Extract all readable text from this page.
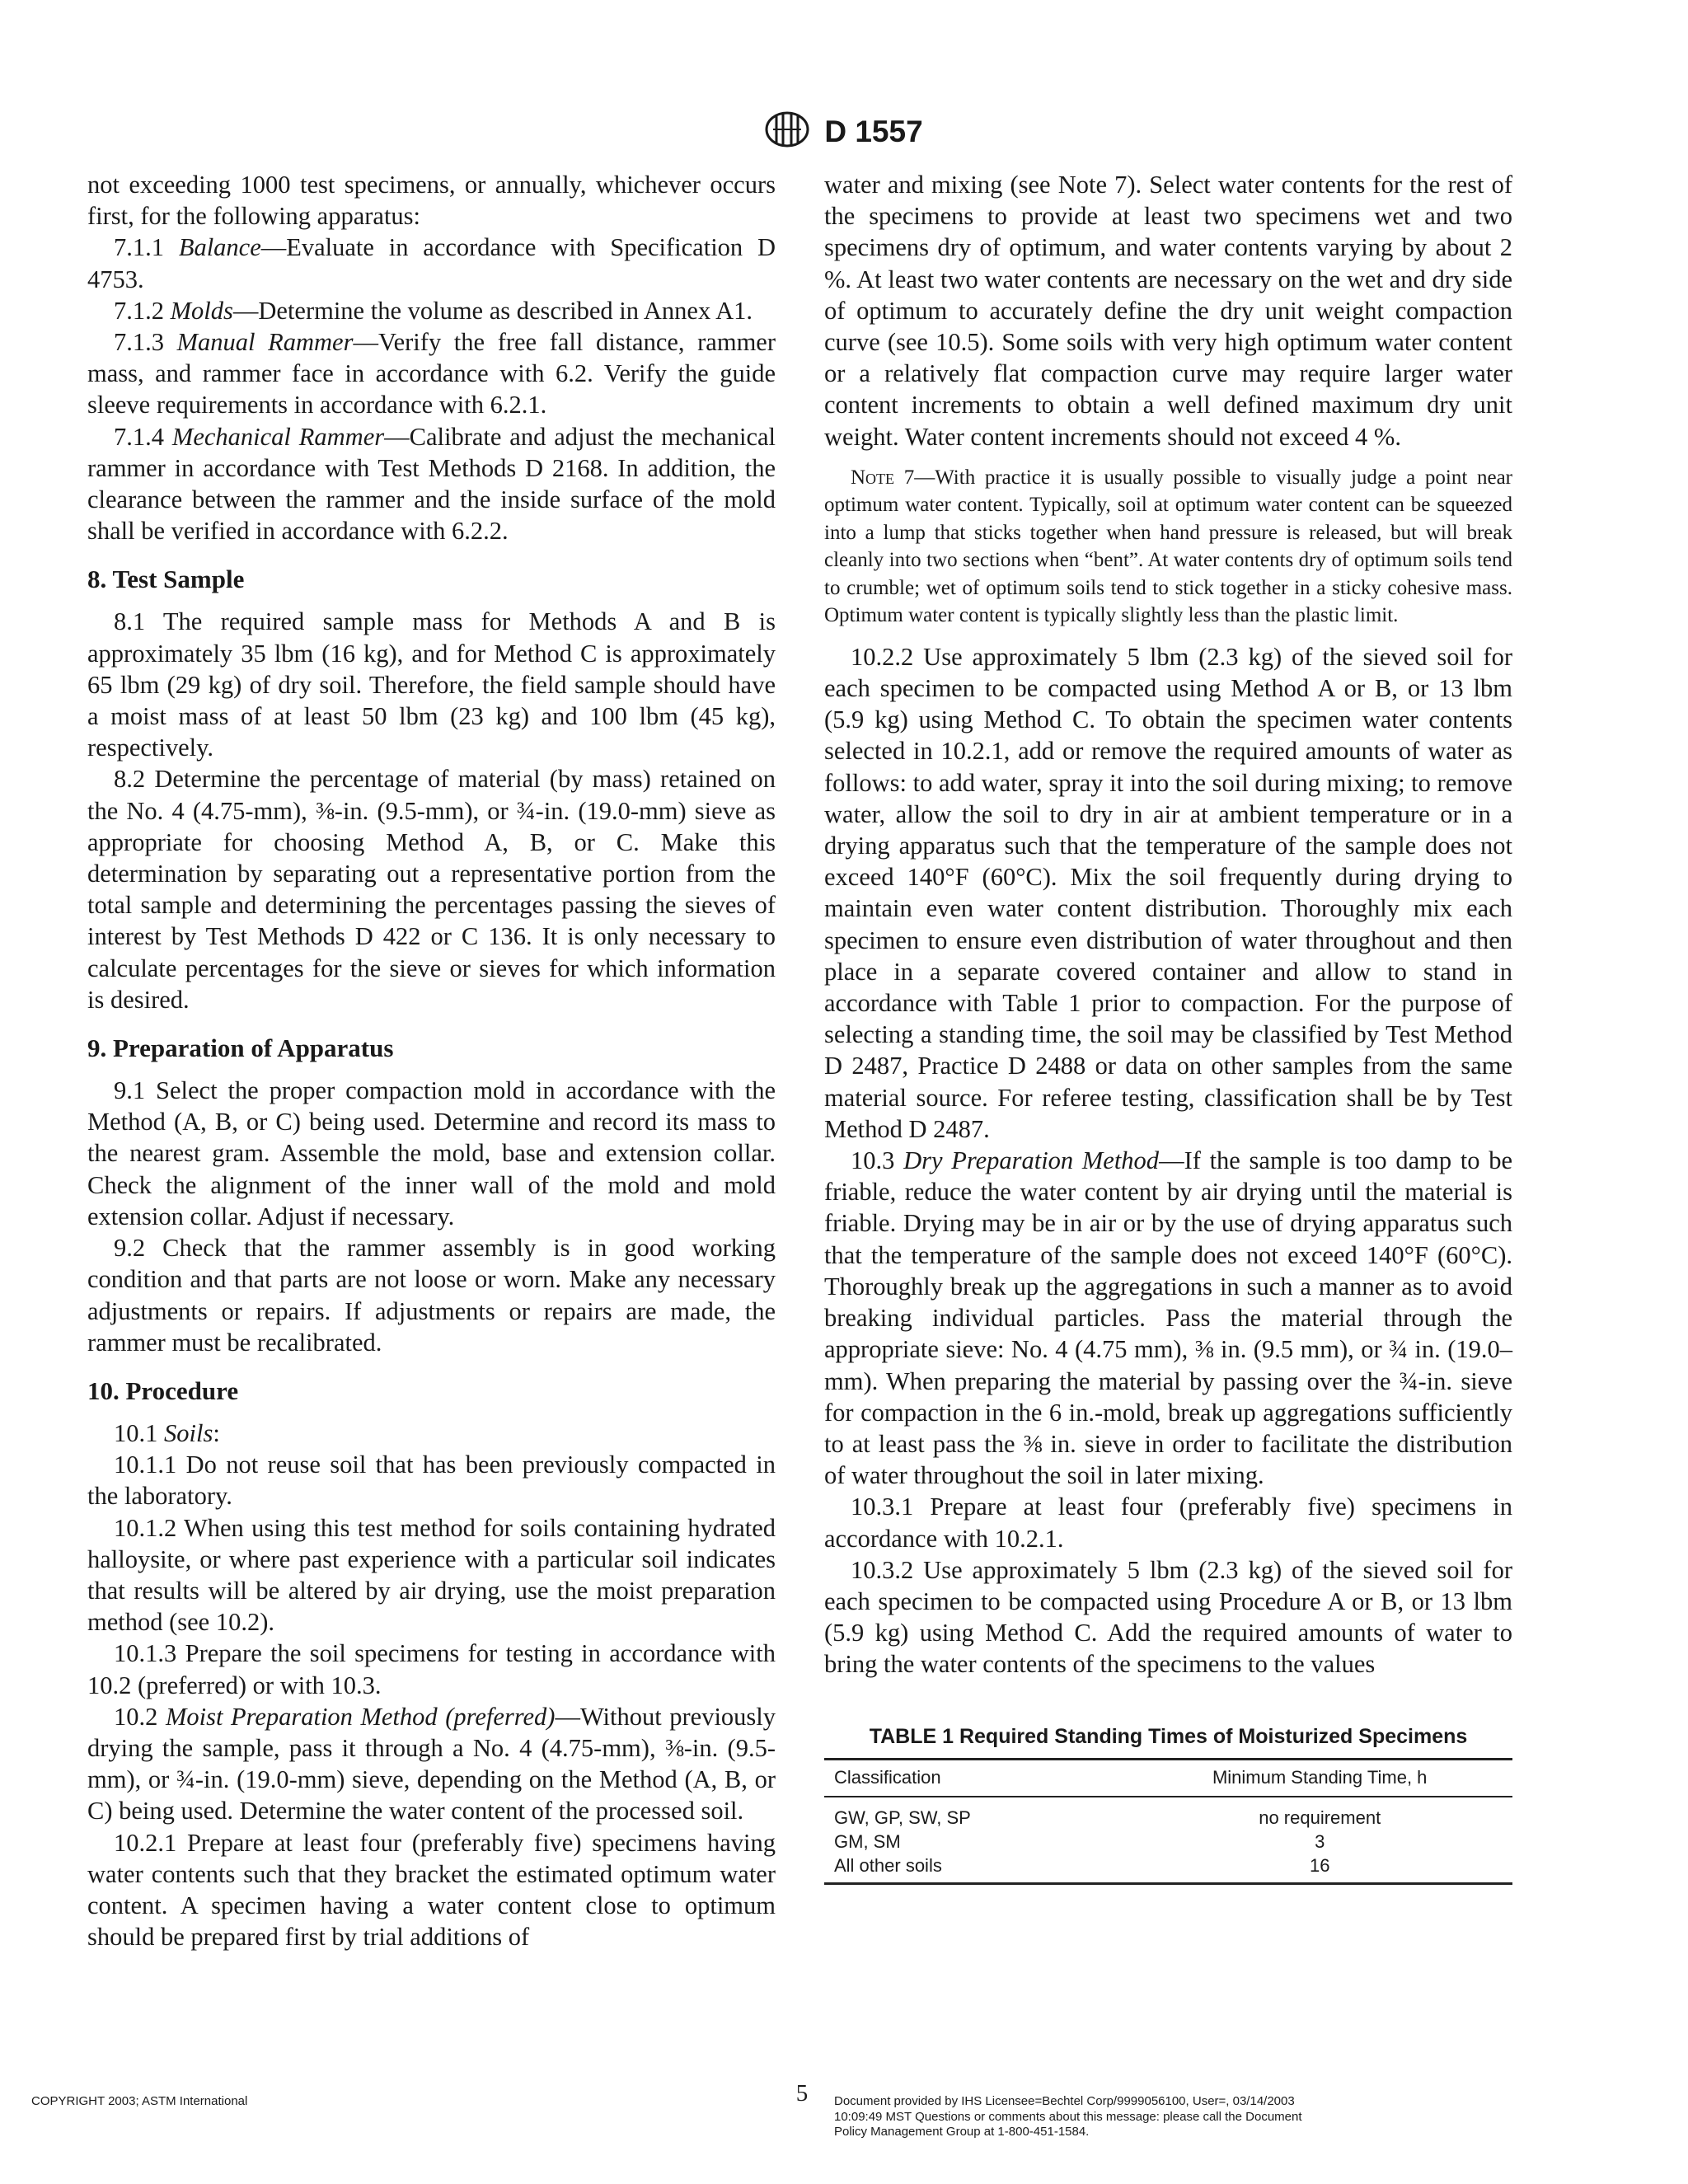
D 1557

not exceeding 1000 test specimens, or annually, whichever occurs first, for the following apparatus:

7.1.1 Balance—Evaluate in accordance with Specification D 4753.

7.1.2 Molds—Determine the volume as described in Annex A1.

7.1.3 Manual Rammer—Verify the free fall distance, rammer mass, and rammer face in accordance with 6.2. Verify the guide sleeve requirements in accordance with 6.2.1.

7.1.4 Mechanical Rammer—Calibrate and adjust the mechanical rammer in accordance with Test Methods D 2168. In addition, the clearance between the rammer and the inside surface of the mold shall be verified in accordance with 6.2.2.

8. Test Sample

8.1 The required sample mass for Methods A and B is approximately 35 lbm (16 kg), and for Method C is approximately 65 lbm (29 kg) of dry soil. Therefore, the field sample should have a moist mass of at least 50 lbm (23 kg) and 100 lbm (45 kg), respectively.

8.2 Determine the percentage of material (by mass) retained on the No. 4 (4.75-mm), ⅜-in. (9.5-mm), or ¾-in. (19.0-mm) sieve as appropriate for choosing Method A, B, or C. Make this determination by separating out a representative portion from the total sample and determining the percentages passing the sieves of interest by Test Methods D 422 or C 136. It is only necessary to calculate percentages for the sieve or sieves for which information is desired.

9. Preparation of Apparatus

9.1 Select the proper compaction mold in accordance with the Method (A, B, or C) being used. Determine and record its mass to the nearest gram. Assemble the mold, base and extension collar. Check the alignment of the inner wall of the mold and mold extension collar. Adjust if necessary.

9.2 Check that the rammer assembly is in good working condition and that parts are not loose or worn. Make any necessary adjustments or repairs. If adjustments or repairs are made, the rammer must be recalibrated.

10. Procedure

10.1 Soils:

10.1.1 Do not reuse soil that has been previously compacted in the laboratory.

10.1.2 When using this test method for soils containing hydrated halloysite, or where past experience with a particular soil indicates that results will be altered by air drying, use the moist preparation method (see 10.2).

10.1.3 Prepare the soil specimens for testing in accordance with 10.2 (preferred) or with 10.3.

10.2 Moist Preparation Method (preferred)—Without previously drying the sample, pass it through a No. 4 (4.75-mm), ⅜-in. (9.5-mm), or ¾-in. (19.0-mm) sieve, depending on the Method (A, B, or C) being used. Determine the water content of the processed soil.

10.2.1 Prepare at least four (preferably five) specimens having water contents such that they bracket the estimated optimum water content. A specimen having a water content close to optimum should be prepared first by trial additions of

water and mixing (see Note 7). Select water contents for the rest of the specimens to provide at least two specimens wet and two specimens dry of optimum, and water contents varying by about 2 %. At least two water contents are necessary on the wet and dry side of optimum to accurately define the dry unit weight compaction curve (see 10.5). Some soils with very high optimum water content or a relatively flat compaction curve may require larger water content increments to obtain a well defined maximum dry unit weight. Water content increments should not exceed 4 %.

Note 7—With practice it is usually possible to visually judge a point near optimum water content. Typically, soil at optimum water content can be squeezed into a lump that sticks together when hand pressure is released, but will break cleanly into two sections when “bent”. At water contents dry of optimum soils tend to crumble; wet of optimum soils tend to stick together in a sticky cohesive mass. Optimum water content is typically slightly less than the plastic limit.

10.2.2 Use approximately 5 lbm (2.3 kg) of the sieved soil for each specimen to be compacted using Method A or B, or 13 lbm (5.9 kg) using Method C. To obtain the specimen water contents selected in 10.2.1, add or remove the required amounts of water as follows: to add water, spray it into the soil during mixing; to remove water, allow the soil to dry in air at ambient temperature or in a drying apparatus such that the temperature of the sample does not exceed 140°F (60°C). Mix the soil frequently during drying to maintain even water content distribution. Thoroughly mix each specimen to ensure even distribution of water throughout and then place in a separate covered container and allow to stand in accordance with Table 1 prior to compaction. For the purpose of selecting a standing time, the soil may be classified by Test Method D 2487, Practice D 2488 or data on other samples from the same material source. For referee testing, classification shall be by Test Method D 2487.

10.3 Dry Preparation Method—If the sample is too damp to be friable, reduce the water content by air drying until the material is friable. Drying may be in air or by the use of drying apparatus such that the temperature of the sample does not exceed 140°F (60°C). Thoroughly break up the aggregations in such a manner as to avoid breaking individual particles. Pass the material through the appropriate sieve: No. 4 (4.75 mm), ⅜ in. (9.5 mm), or ¾ in. (19.0–mm). When preparing the material by passing over the ¾-in. sieve for compaction in the 6 in.-mold, break up aggregations sufficiently to at least pass the ⅜ in. sieve in order to facilitate the distribution of water throughout the soil in later mixing.

10.3.1 Prepare at least four (preferably five) specimens in accordance with 10.2.1.

10.3.2 Use approximately 5 lbm (2.3 kg) of the sieved soil for each specimen to be compacted using Procedure A or B, or 13 lbm (5.9 kg) using Method C. Add the required amounts of water to bring the water contents of the specimens to the values

TABLE 1 Required Standing Times of Moisturized Specimens
Classification	Minimum Standing Time, h
GW, GP, SW, SP	no requirement
GM, SM	3
All other soils	16
COPYRIGHT 2003; ASTM International	5	Document provided by IHS Licensee=Bechtel Corp/9999056100, User=, 03/14/2003
10:09:49 MST Questions or comments about this message: please call the Document
Policy Management Group at 1-800-451-1584.
